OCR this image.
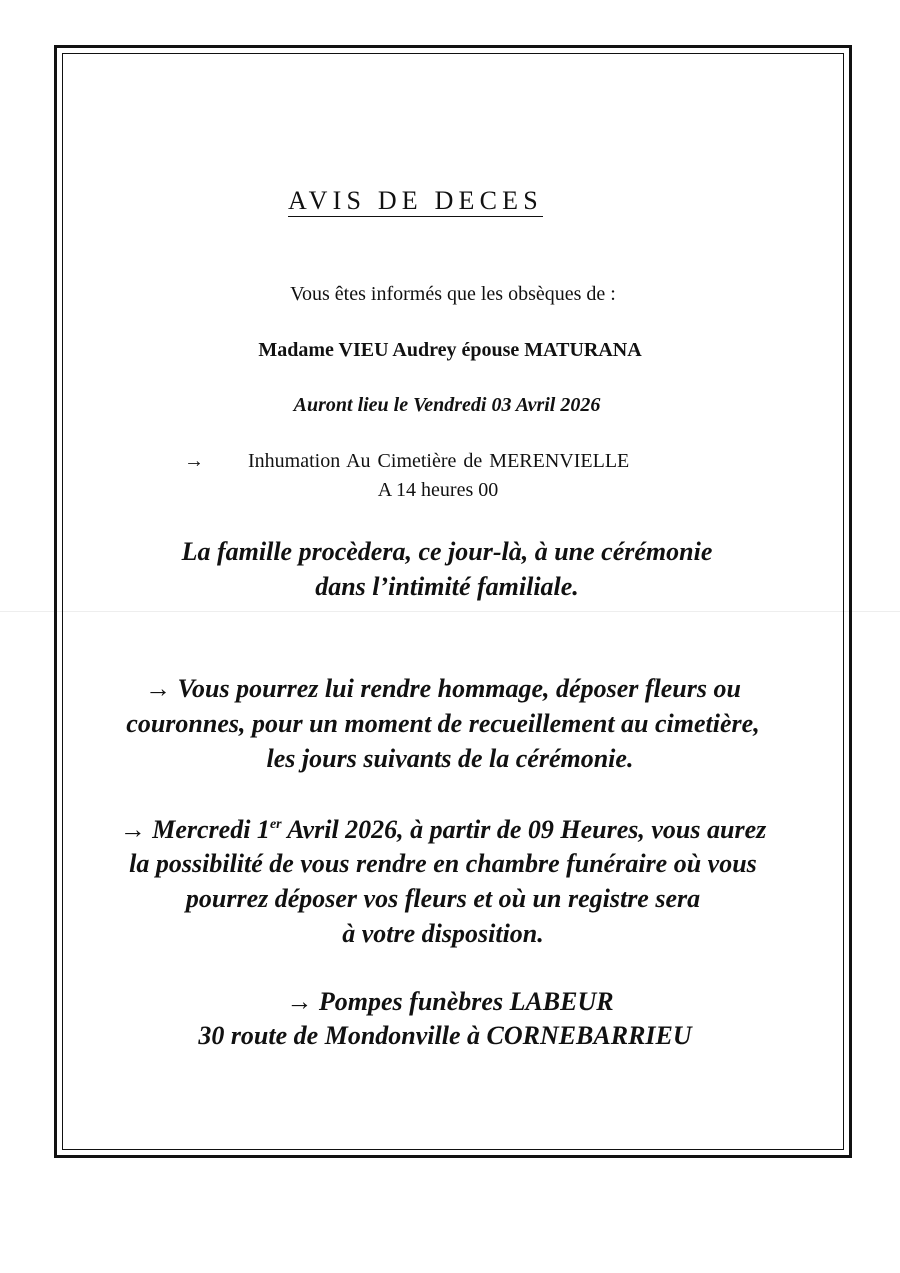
AVIS DE DECES
Vous êtes informés que les obsèques de :
Madame VIEU Audrey épouse MATURANA
Auront lieu le Vendredi 03 Avril 2026
→ Inhumation Au Cimetière de MERENVIELLE
A 14 heures 00
La famille procèdera, ce jour-là, à une cérémonie
dans l’intimité familiale.
→ Vous pourrez lui rendre hommage, déposer fleurs ou
couronnes, pour un moment de recueillement au cimetière,
les jours suivants de la cérémonie.
→ Mercredi 1er Avril 2026, à partir de 09 Heures, vous aurez
la possibilité de vous rendre en chambre funéraire où vous
pourrez déposer vos fleurs et où un registre sera
à votre disposition.
→ Pompes funèbres LABEUR
30 route de Mondonville à CORNEBARRIEU
